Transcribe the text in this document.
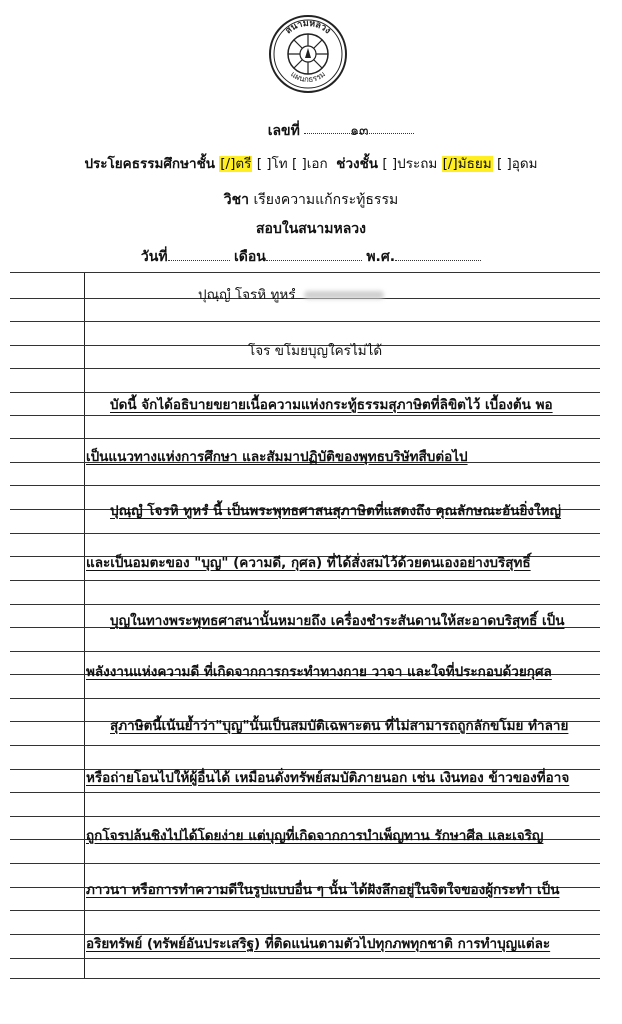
สนามหลวง
แผนกธรรม
เลขที่	๑๓
ประโยคธรรมศึกษาชั้น [/]ตรี [ ]โท [ ]เอก ช่วงชั้น [ ]ประถม [/]มัธยม [ ]อุดม
วิชา เรียงความแก้กระทู้ธรรม
สอบในสนามหลวง
วันที่	เดือน	พ.ศ.
ปุณฺญํ โจรหิ ทูหรํ
โจร ขโมยบุญใครไม่ได้
บัดนี้ จักได้อธิบายขยายเนื้อความแห่งกระทู้ธรรมสุภาษิตที่ลิขิตไว้ เบื้องต้น พอ
เป็นแนวทางแห่งการศึกษา และสัมมาปฏิบัติของพุทธบริษัทสืบต่อไป
ปุณฺญํ โจรหิ ทูหรํ นี้ เป็นพระพุทธศาสนสุภาษิตที่แสดงถึง คุณลักษณะอันยิ่งใหญ่
และเป็นอมตะของ "บุญ" (ความดี, กุศล) ที่ได้สั่งสมไว้ด้วยตนเองอย่างบริสุทธิ์
บุญในทางพระพุทธศาสนานั้นหมายถึง เครื่องชำระสันดานให้สะอาดบริสุทธิ์ เป็น
พลังงานแห่งความดี ที่เกิดจากการกระทำทางกาย วาจา และใจที่ประกอบด้วยกุศล
สุภาษิตนี้เน้นย้ำว่า"บุญ"นั้นเป็นสมบัติเฉพาะตน ที่ไม่สามารถถูกลักขโมย ทำลาย
หรือถ่ายโอนไปให้ผู้อื่นได้ เหมือนดั่งทรัพย์สมบัติภายนอก เช่น เงินทอง ข้าวของที่อาจ
ถูกโจรปล้นชิงไปได้โดยง่าย แต่บุญที่เกิดจากการบำเพ็ญทาน รักษาศีล และเจริญ
ภาวนา หรือการทำความดีในรูปแบบอื่น ๆ นั้น ได้ฝังลึกอยู่ในจิตใจของผู้กระทำ เป็น
อริยทรัพย์ (ทรัพย์อันประเสริฐ) ที่ติดแน่นตามตัวไปทุกภพทุกชาติ การทำบุญแต่ละ
